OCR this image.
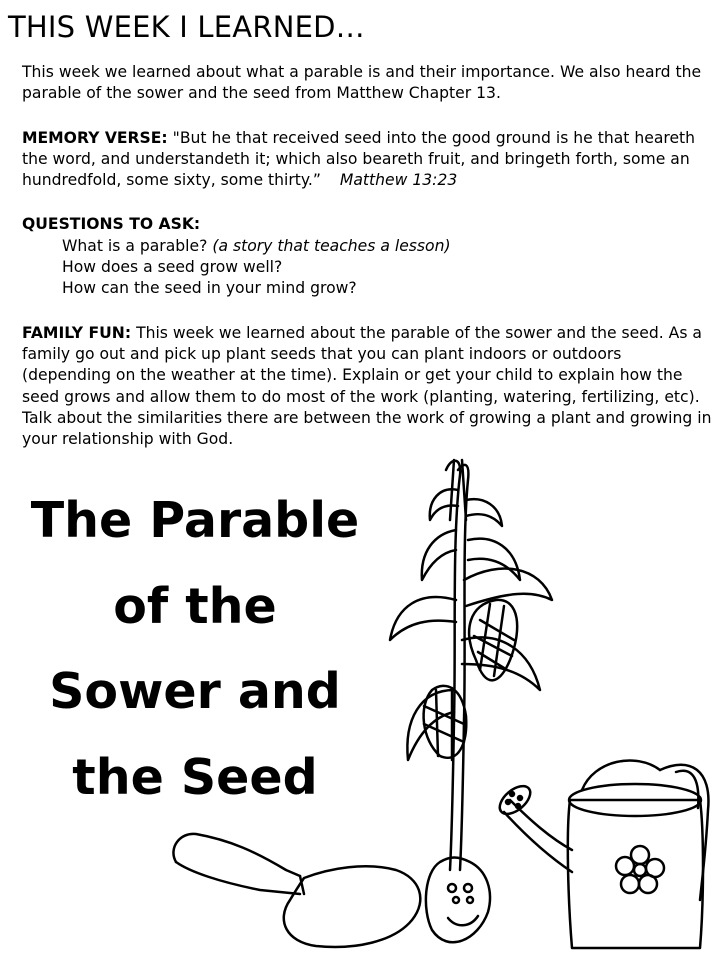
THIS WEEK I LEARNED…

This week we learned about what a parable is and their importance. We also heard the parable of the sower and the seed from Matthew Chapter 13.

MEMORY VERSE: "But he that received seed into the good ground is he that heareth the word, and understandeth it; which also beareth fruit, and bringeth forth, some an hundredfold, some sixty, some thirty.” Matthew 13:23

QUESTIONS TO ASK:
What is a parable? (a story that teaches a lesson)
How does a seed grow well?
How can the seed in your mind grow?

FAMILY FUN: This week we learned about the parable of the sower and the seed. As a family go out and pick up plant seeds that you can plant indoors or outdoors (depending on the weather at the time). Explain or get your child to explain how the seed grows and allow them to do most of the work (planting, watering, fertilizing, etc). Talk about the similarities there are between the work of growing a plant and growing in your relationship with God.

The Parable
of the
Sower and
the Seed
